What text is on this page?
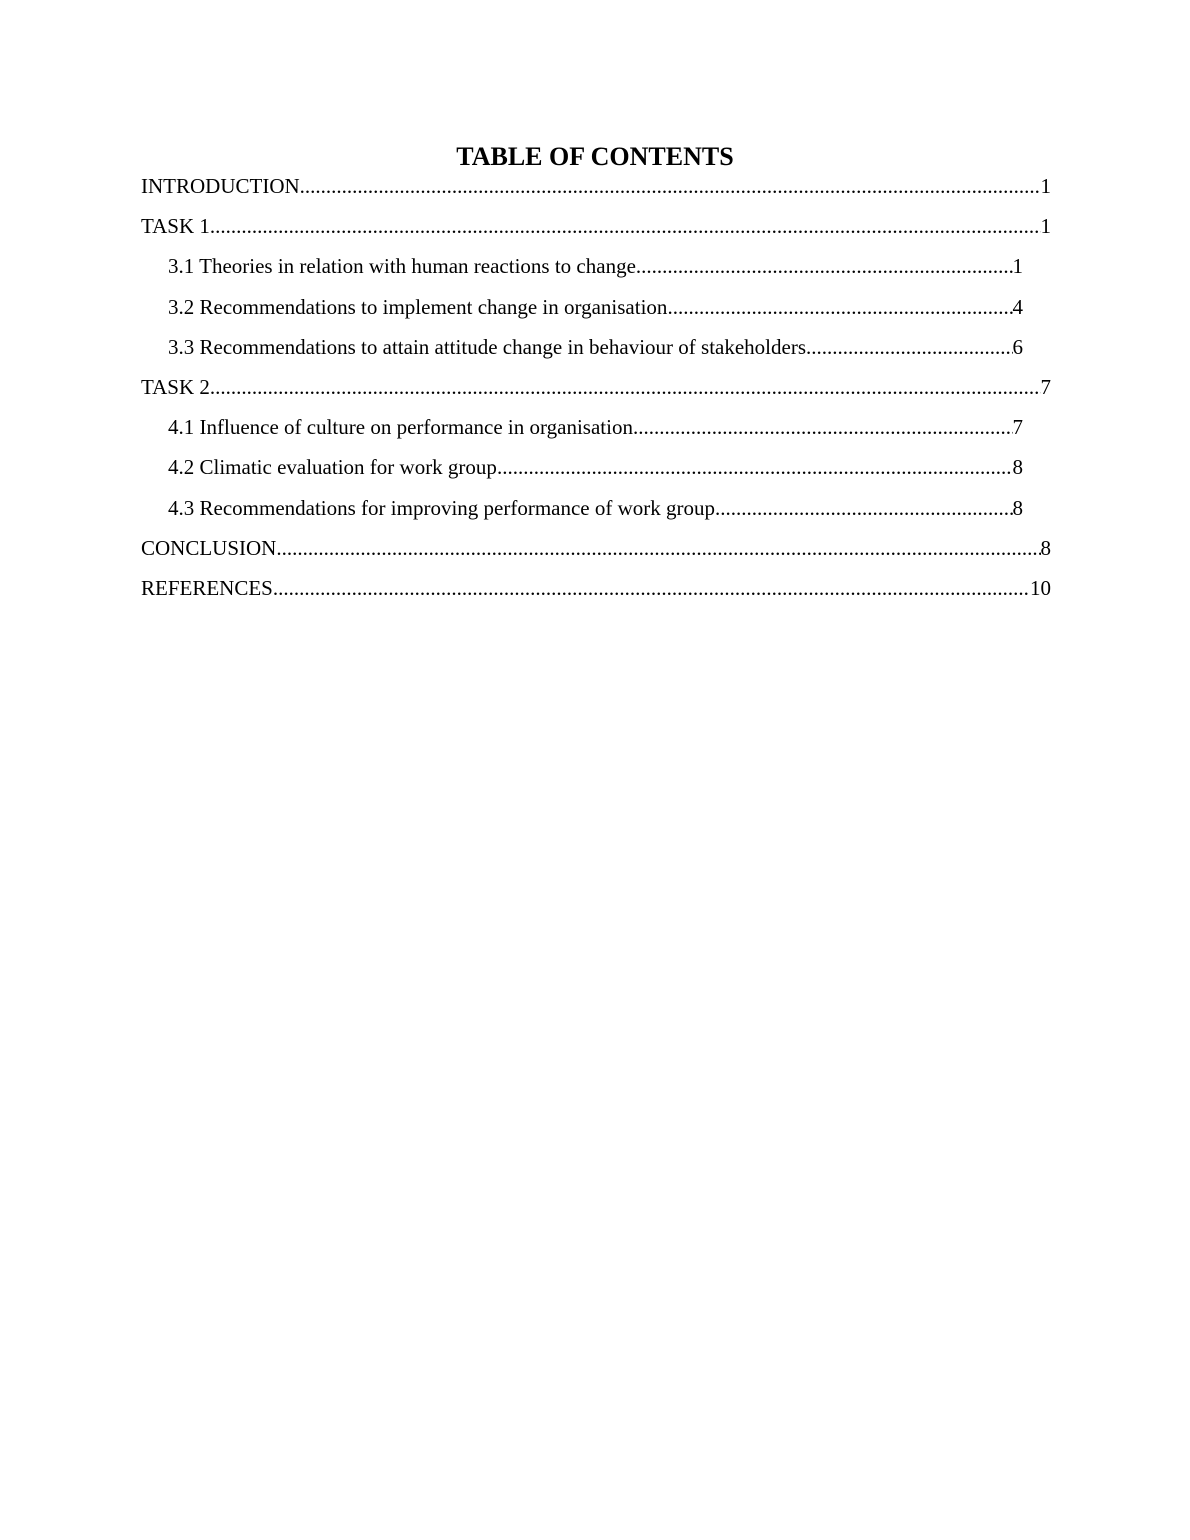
TABLE OF CONTENTS
INTRODUCTION .....	1
TASK 1 .....	1
3.1 Theories in relation with human reactions to change .....	1
3.2 Recommendations to implement change in organisation .....	4
3.3 Recommendations to attain attitude change in behaviour of stakeholders .....	6
TASK 2 .....	7
4.1 Influence of culture on performance in organisation .....	7
4.2 Climatic evaluation for work group .....	8
4.3 Recommendations for improving performance of work group .....	8
CONCLUSION .....	8
REFERENCES .....	10
